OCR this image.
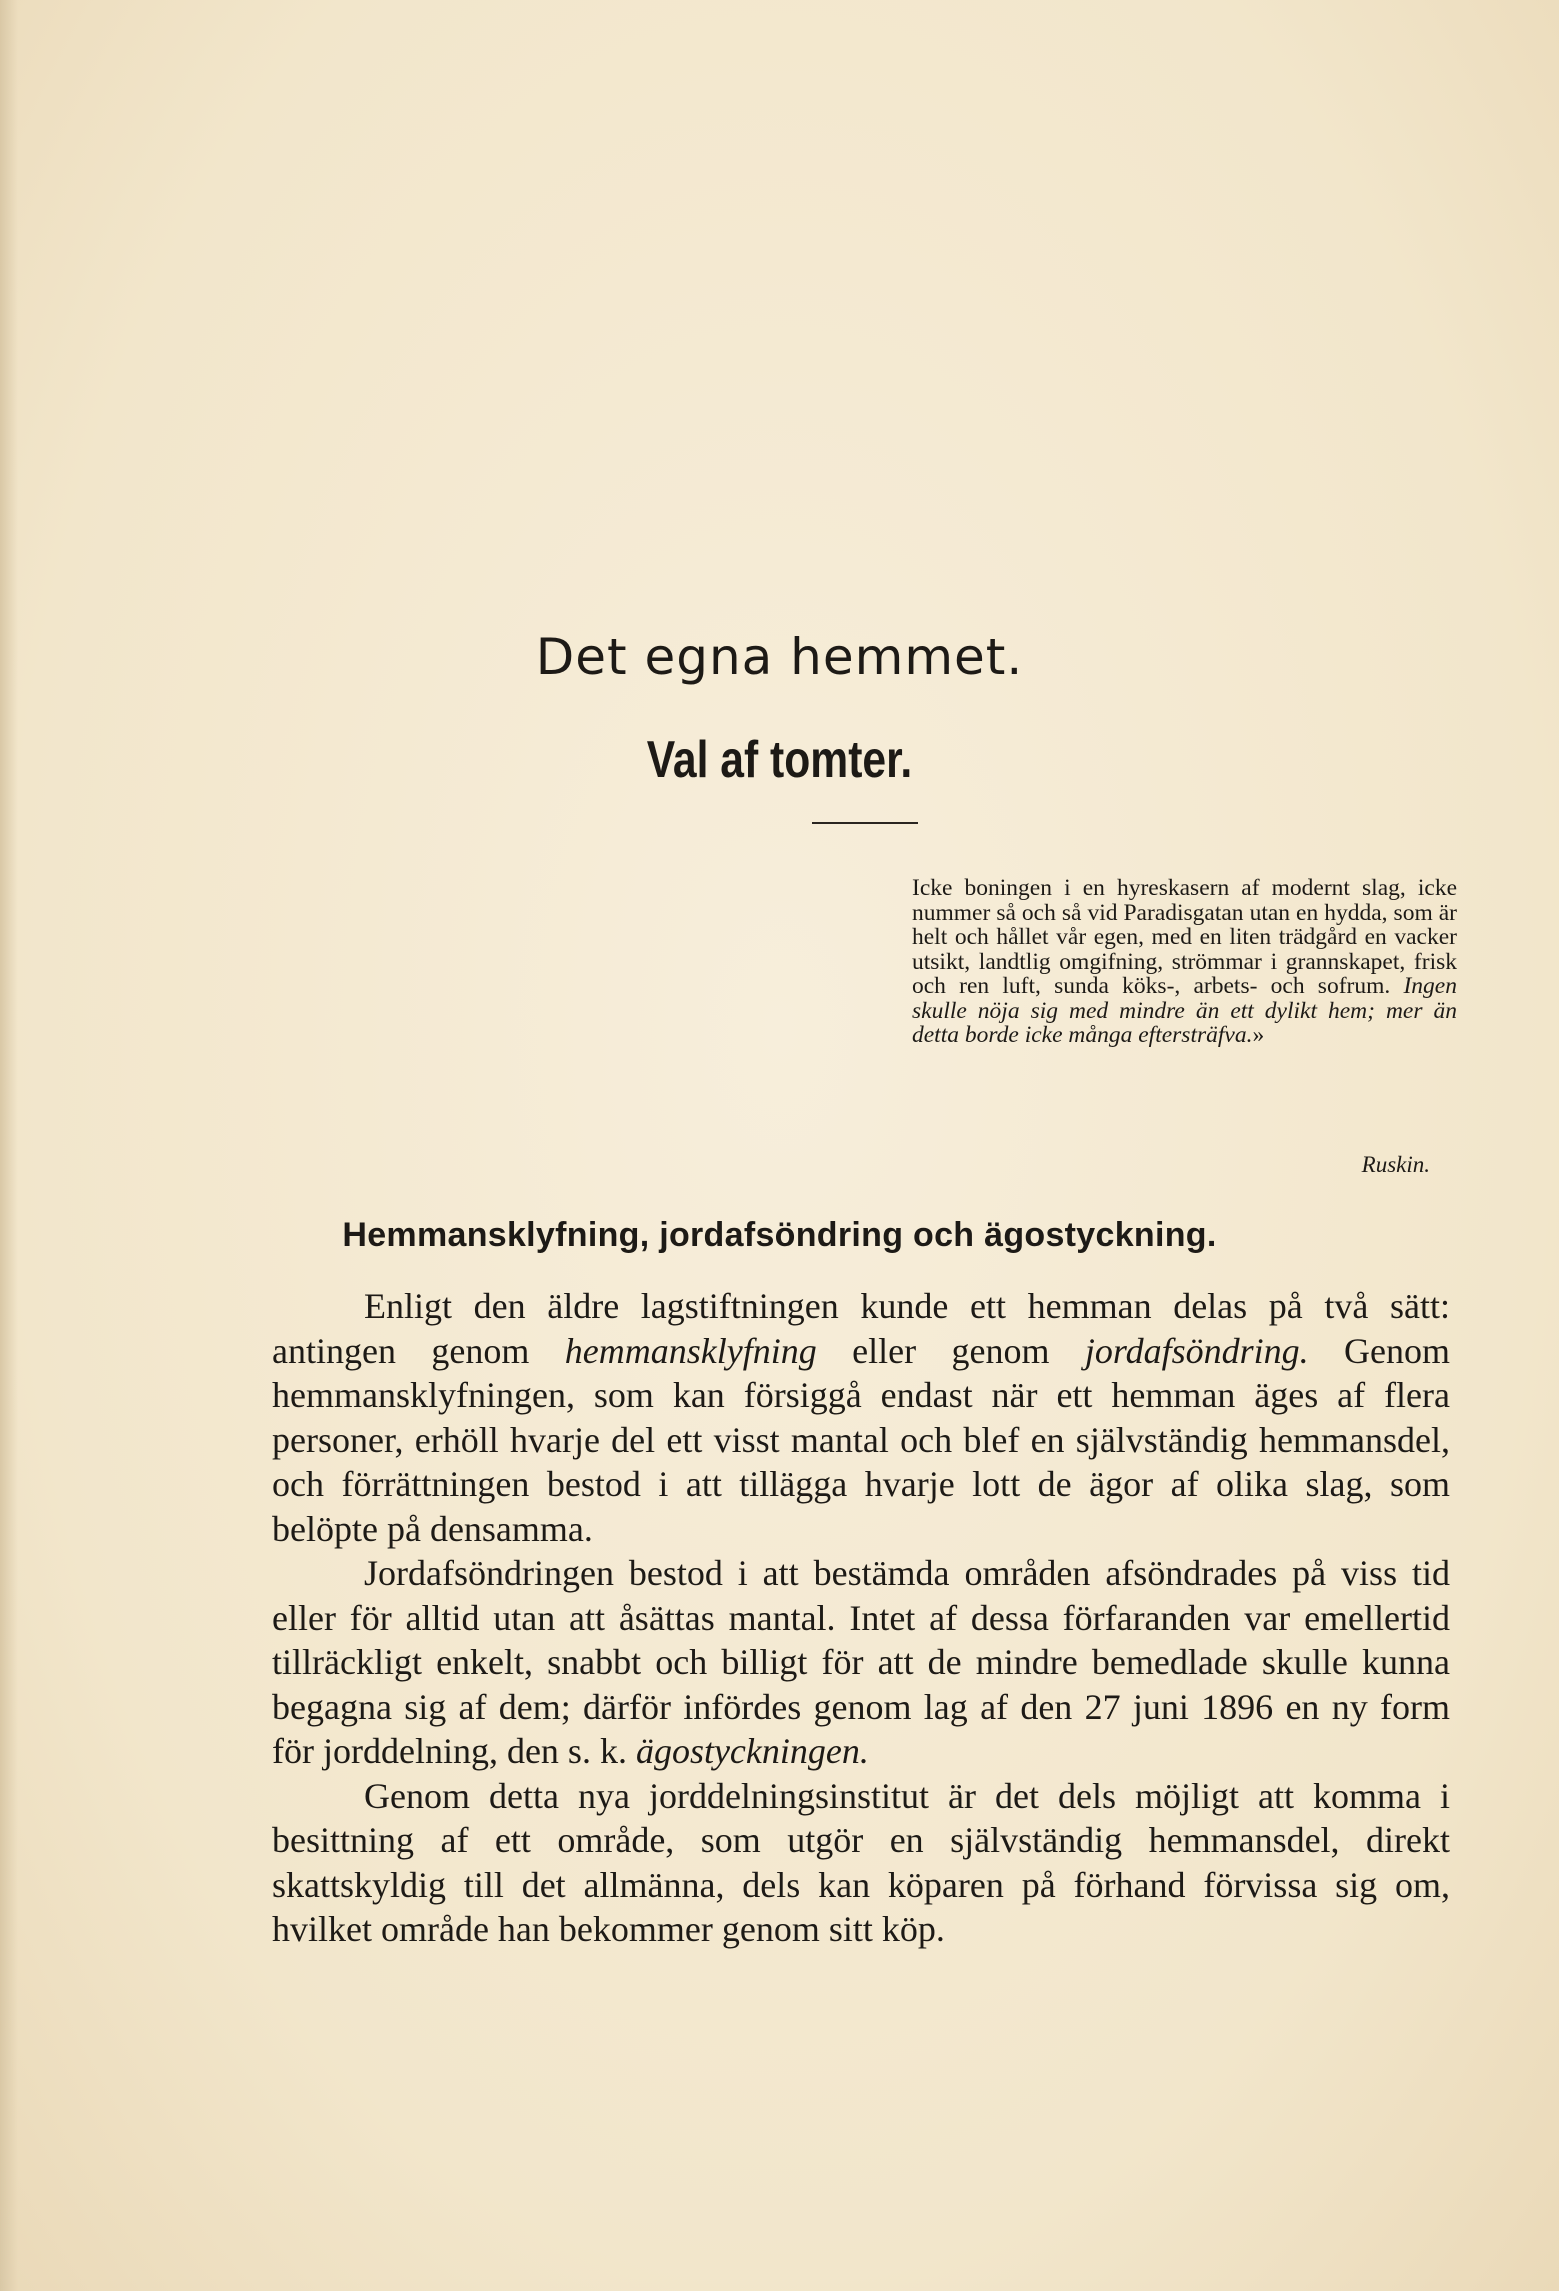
Det egna hemmet.
Val af tomter.
Icke boningen i en hyreskasern af modernt slag, icke nummer så och så vid Paradisgatan utan en hydda, som är helt och hållet vår egen, med en liten trädgård en vacker utsikt, landtlig omgifning, strömmar i grannskapet, frisk och ren luft, sunda köks-, arbets- och sofrum. Ingen skulle nöja sig med mindre än ett dylikt hem; mer än detta borde icke många eftersträfva.»
Ruskin.
Hemmansklyfning, jordafsöndring och ägostyckning.

Enligt den äldre lagstiftningen kunde ett hemman delas på två sätt: antingen genom hemmansklyfning eller genom jordafsöndring. Genom hemmansklyfningen, som kan försiggå endast när ett hemman äges af flera personer, erhöll hvarje del ett visst mantal och blef en självständig hemmansdel, och förrättningen bestod i att tillägga hvarje lott de ägor af olika slag, som belöpte på densamma.

Jordafsöndringen bestod i att bestämda områden afsöndrades på viss tid eller för alltid utan att åsättas mantal. Intet af dessa förfaranden var emellertid tillräckligt enkelt, snabbt och billigt för att de mindre bemedlade skulle kunna begagna sig af dem; därför infördes genom lag af den 27 juni 1896 en ny form för jorddelning, den s. k. ägostyckningen.

Genom detta nya jorddelningsinstitut är det dels möjligt att komma i besittning af ett område, som utgör en självständig hemmansdel, direkt skattskyldig till det allmänna, dels kan köparen på förhand förvissa sig om, hvilket område han bekommer genom sitt köp.
